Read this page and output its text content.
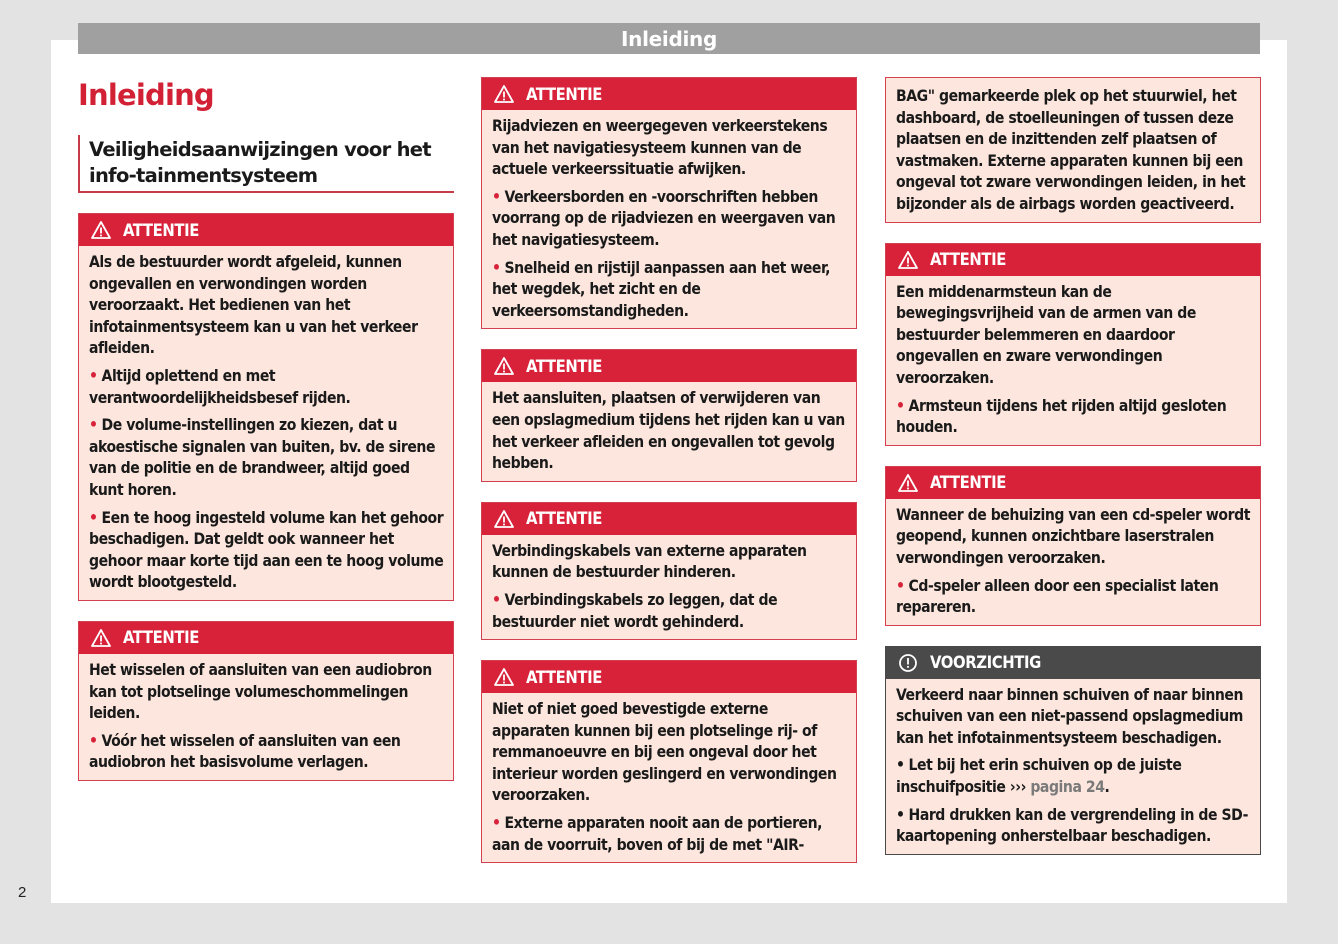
Inleiding
2
Inleiding
Veiligheidsaanwijzingen voor het info-tainmentsysteem
ATTENTIE

Als de bestuurder wordt afgeleid, kunnen ongevallen en verwondingen worden veroorzaakt. Het bedienen van het infotainmentsysteem kan u van het verkeer afleiden.

• Altijd oplettend en met verantwoordelijkheidsbesef rijden.

• De volume-instellingen zo kiezen, dat u akoestische signalen van buiten, bv. de sirene van de politie en de brandweer, altijd goed kunt horen.

• Een te hoog ingesteld volume kan het gehoor beschadigen. Dat geldt ook wanneer het gehoor maar korte tijd aan een te hoog volume wordt blootgesteld.

ATTENTIE

Het wisselen of aansluiten van een audiobron kan tot plotselinge volumeschommelingen leiden.

• Vóór het wisselen of aansluiten van een audiobron het basisvolume verlagen.

ATTENTIE

Rijadviezen en weergegeven verkeerstekens van het navigatiesysteem kunnen van de actuele verkeerssituatie afwijken.

• Verkeersborden en -voorschriften hebben voorrang op de rijadviezen en weergaven van het navigatiesysteem.

• Snelheid en rijstijl aanpassen aan het weer, het wegdek, het zicht en de verkeersomstandigheden.

ATTENTIE

Het aansluiten, plaatsen of verwijderen van een opslagmedium tijdens het rijden kan u van het verkeer afleiden en ongevallen tot gevolg hebben.

ATTENTIE

Verbindingskabels van externe apparaten kunnen de bestuurder hinderen.

• Verbindingskabels zo leggen, dat de bestuurder niet wordt gehinderd.

ATTENTIE

Niet of niet goed bevestigde externe apparaten kunnen bij een plotselinge rij- of remmanoeuvre en bij een ongeval door het interieur worden geslingerd en verwondingen veroorzaken.

• Externe apparaten nooit aan de portieren, aan de voorruit, boven of bij de met "AIR-

BAG" gemarkeerde plek op het stuurwiel, het dashboard, de stoelleuningen of tussen deze plaatsen en de inzittenden zelf plaatsen of vastmaken. Externe apparaten kunnen bij een ongeval tot zware verwondingen leiden, in het bijzonder als de airbags worden geactiveerd.

ATTENTIE

Een middenarmsteun kan de bewegingsvrijheid van de armen van de bestuurder belemmeren en daardoor ongevallen en zware verwondingen veroorzaken.

• Armsteun tijdens het rijden altijd gesloten houden.

ATTENTIE

Wanneer de behuizing van een cd-speler wordt geopend, kunnen onzichtbare laserstralen verwondingen veroorzaken.

• Cd-speler alleen door een specialist laten repareren.

VOORZICHTIG

Verkeerd naar binnen schuiven of naar binnen schuiven van een niet-passend opslagmedium kan het infotainmentsysteem beschadigen.

• Let bij het erin schuiven op de juiste inschuifpositie ››› pagina 24.

• Hard drukken kan de vergrendeling in de SD-kaartopening onherstelbaar beschadigen.
